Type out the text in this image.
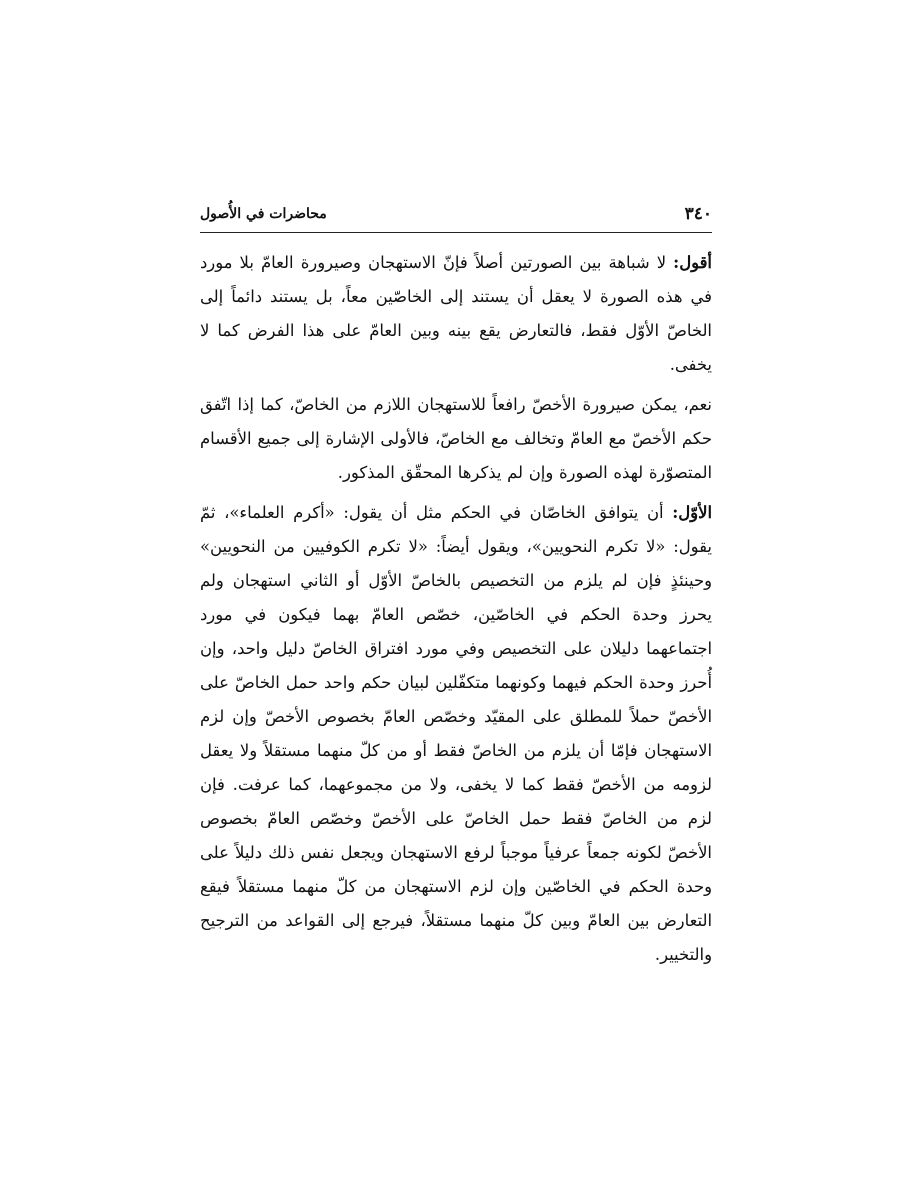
٣٤٠
محاضرات في الأُصول

أقول: لا شباهة بين الصورتين أصلاً فإنّ الاستهجان وصيرورة العامّ بلا مورد في هذه الصورة لا يعقل أن يستند إلى الخاصّين معاً، بل يستند دائماً إلى الخاصّ الأوّل فقط، فالتعارض يقع بينه وبين العامّ على هذا الفرض كما لا يخفى.

نعم، يمكن صيرورة الأخصّ رافعاً للاستهجان اللازم من الخاصّ، كما إذا اتّفق حكم الأخصّ مع العامّ وتخالف مع الخاصّ، فالأولى الإشارة إلى جميع الأقسام المتصوّرة لهذه الصورة وإن لم يذكرها المحقّق المذكور.

الأوّل: أن يتوافق الخاصّان في الحكم مثل أن يقول: «أكرم العلماء»، ثمّ يقول: «لا تكرم النحويين»، ويقول أيضاً: «لا تكرم الكوفيين من النحويين» وحينئذٍ فإن لم يلزم من التخصيص بالخاصّ الأوّل أو الثاني استهجان ولم يحرز وحدة الحكم في الخاصّين، خصّص العامّ بهما فيكون في مورد اجتماعهما دليلان على التخصيص وفي مورد افتراق الخاصّ دليل واحد، وإن أُحرز وحدة الحكم فيهما وكونهما متكفّلين لبيان حكم واحد حمل الخاصّ على الأخصّ حملاً للمطلق على المقيّد وخصّص العامّ بخصوص الأخصّ وإن لزم الاستهجان فإمّا أن يلزم من الخاصّ فقط أو من كلّ منهما مستقلاً ولا يعقل لزومه من الأخصّ فقط كما لا يخفى، ولا من مجموعهما، كما عرفت. فإن لزم من الخاصّ فقط حمل الخاصّ على الأخصّ وخصّص العامّ بخصوص الأخصّ لكونه جمعاً عرفياً موجباً لرفع الاستهجان ويجعل نفس ذلك دليلاً على وحدة الحكم في الخاصّين وإن لزم الاستهجان من كلّ منهما مستقلاً فيقع التعارض بين العامّ وبين كلّ منهما مستقلاً، فيرجع إلى القواعد من الترجيح والتخيير.
